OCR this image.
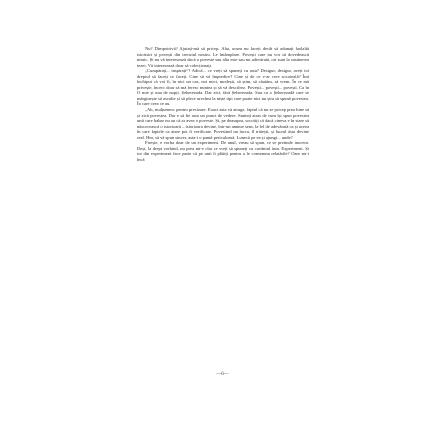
Nu? Dimpotrivă? Ajutați-mă să pricep. Aha, acum nu faceți decât să adunați laolaltă istorisiri și povești din trecutul nostru. Le întâmplare. Povești care nu vor să dovedească nimic. Și nu vă interesează dacă o poveste sau alta este sau nu adevărată, ori sunt la sustinerea tezei. Vă interesează doar să colecționați.

„Cumpărați... inspirați“? Adică... ce vreți să spuneți cu asta? Desigur, desigur, aveți tot dreptul să faceți ce faceți. Cine să vă împiedice? Cine și de ce v-ar cere socoteală? Îmi închipui că voi fi, în nici un caz, noi mici, modești, să știm, să căutăm, să vrem. În ce mă privește, încerc doar să mă feresc mintea și să vă descifrez. Povești... povești... povești. Ca în O mie și una de nopți. Șeherezada. Dar aici, fără Șeherezada. Sau cu o Șeherezadă care se mărginește să asculte și să plece urechea la niște tipi care poate nici nu știu să spună povestea. În care ceea ce au.

„Ah, mulțumesc pentru precizare. Exact asta vă atrage, faptul că nu se pricep prea bine să și zică povestea. Dar e să fie asta un punct de vedere. Sunteți atras de cum își spun povestea unii care habar nu au că ar avea o poveste. Și, pe deasupra, socotiți că dacă cineva e în stare să născocească o istorioară – istorioara devine, într-un anume sens, la fel de adevărată ca și aceea în care faptele ca atare pot fi verificate. Povestind un lucru, îl trăiești, și lucrul ăsta devine real. Hm, să vă spun sincer, asta-i o pantă periculoasă. Lunecă pe ea și ajungi... unde?

Firește, e vorba doar de un experiment. De unul, vreau să spun, ce se pretinde inocent. Deși, la drept vorbind, nu prea mi-e clar ce vreți să spuneți cu cuvântul ăsta. Experiment. Și tot din experiment face parte că pe unii îi plătiți pentru a le consemna relatările? Oare nu-i încă

—6—
